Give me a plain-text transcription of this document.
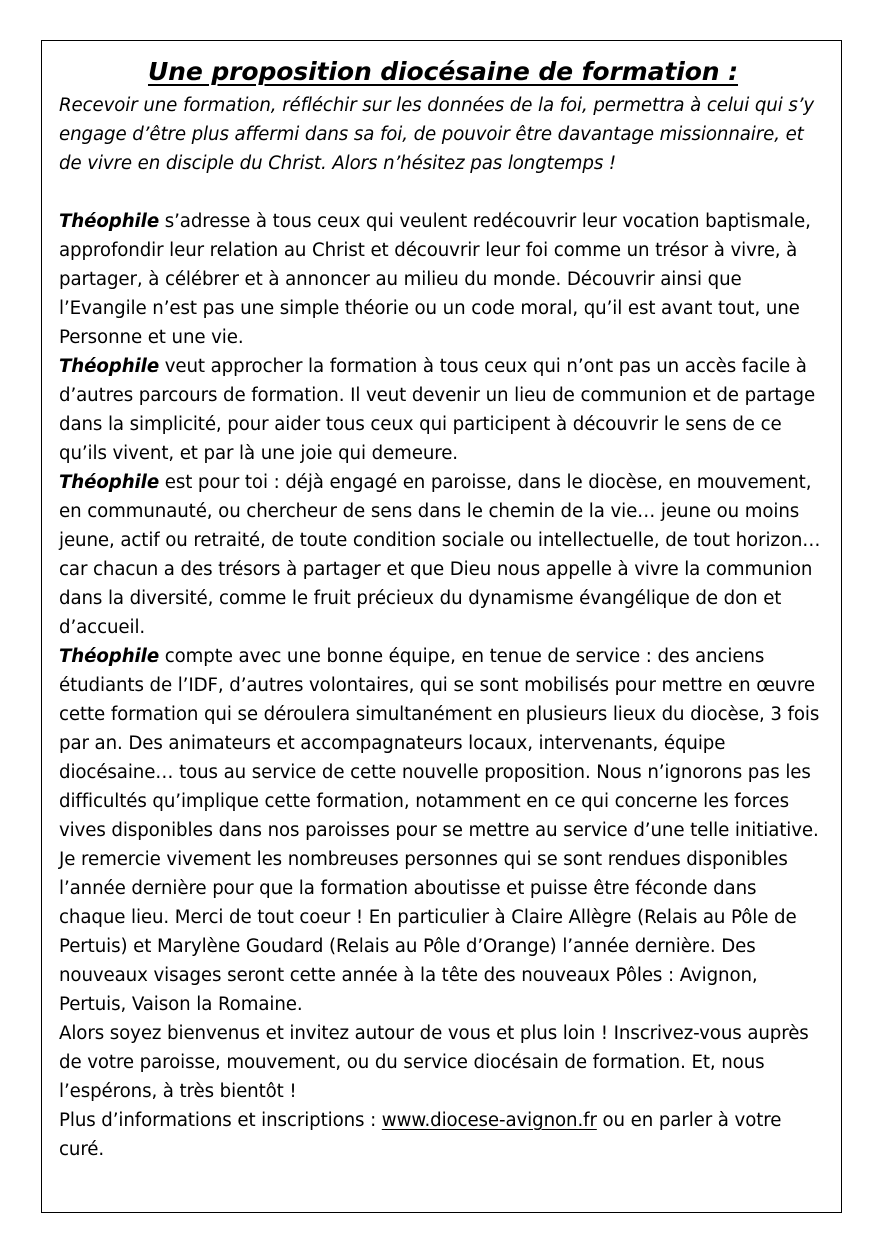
Une proposition diocésaine de formation :

Recevoir une formation, réfléchir sur les données de la foi, permettra à celui qui s’y engage d’être plus affermi dans sa foi, de pouvoir être davantage missionnaire, et de vivre en disciple du Christ. Alors n’hésitez pas longtemps !

Théophile s’adresse à tous ceux qui veulent redécouvrir leur vocation baptismale, approfondir leur relation au Christ et découvrir leur foi comme un trésor à vivre, à partager, à célébrer et à annoncer au milieu du monde. Découvrir ainsi que l’Evangile n’est pas une simple théorie ou un code moral, qu’il est avant tout, une Personne et une vie.

Théophile veut approcher la formation à tous ceux qui n’ont pas un accès facile à d’autres parcours de formation. Il veut devenir un lieu de communion et de partage dans la simplicité, pour aider tous ceux qui participent à découvrir le sens de ce qu’ils vivent, et par là une joie qui demeure.

Théophile est pour toi : déjà engagé en paroisse, dans le diocèse, en mouvement, en communauté, ou chercheur de sens dans le chemin de la vie… jeune ou moins jeune, actif ou retraité, de toute condition sociale ou intellectuelle, de tout horizon… car chacun a des trésors à partager et que Dieu nous appelle à vivre la communion dans la diversité, comme le fruit précieux du dynamisme évangélique de don et d’accueil.

Théophile compte avec une bonne équipe, en tenue de service : des anciens étudiants de l’IDF, d’autres volontaires, qui se sont mobilisés pour mettre en œuvre cette formation qui se déroulera simultanément en plusieurs lieux du diocèse, 3 fois par an. Des animateurs et accompagnateurs locaux, intervenants, équipe diocésaine… tous au service de cette nouvelle proposition. Nous n’ignorons pas les difficultés qu’implique cette formation, notamment en ce qui concerne les forces vives disponibles dans nos paroisses pour se mettre au service d’une telle initiative. Je remercie vivement les nombreuses personnes qui se sont rendues disponibles l’année dernière pour que la formation aboutisse et puisse être féconde dans chaque lieu. Merci de tout coeur ! En particulier à Claire Allègre (Relais au Pôle de Pertuis) et Marylène Goudard (Relais au Pôle d’Orange) l’année dernière. Des nouveaux visages seront cette année à la tête des nouveaux Pôles : Avignon, Pertuis, Vaison la Romaine.

Alors soyez bienvenus et invitez autour de vous et plus loin ! Inscrivez-vous auprès de votre paroisse, mouvement, ou du service diocésain de formation. Et, nous l’espérons, à très bientôt !

Plus d’informations et inscriptions : www.diocese-avignon.fr ou en parler à votre curé.
